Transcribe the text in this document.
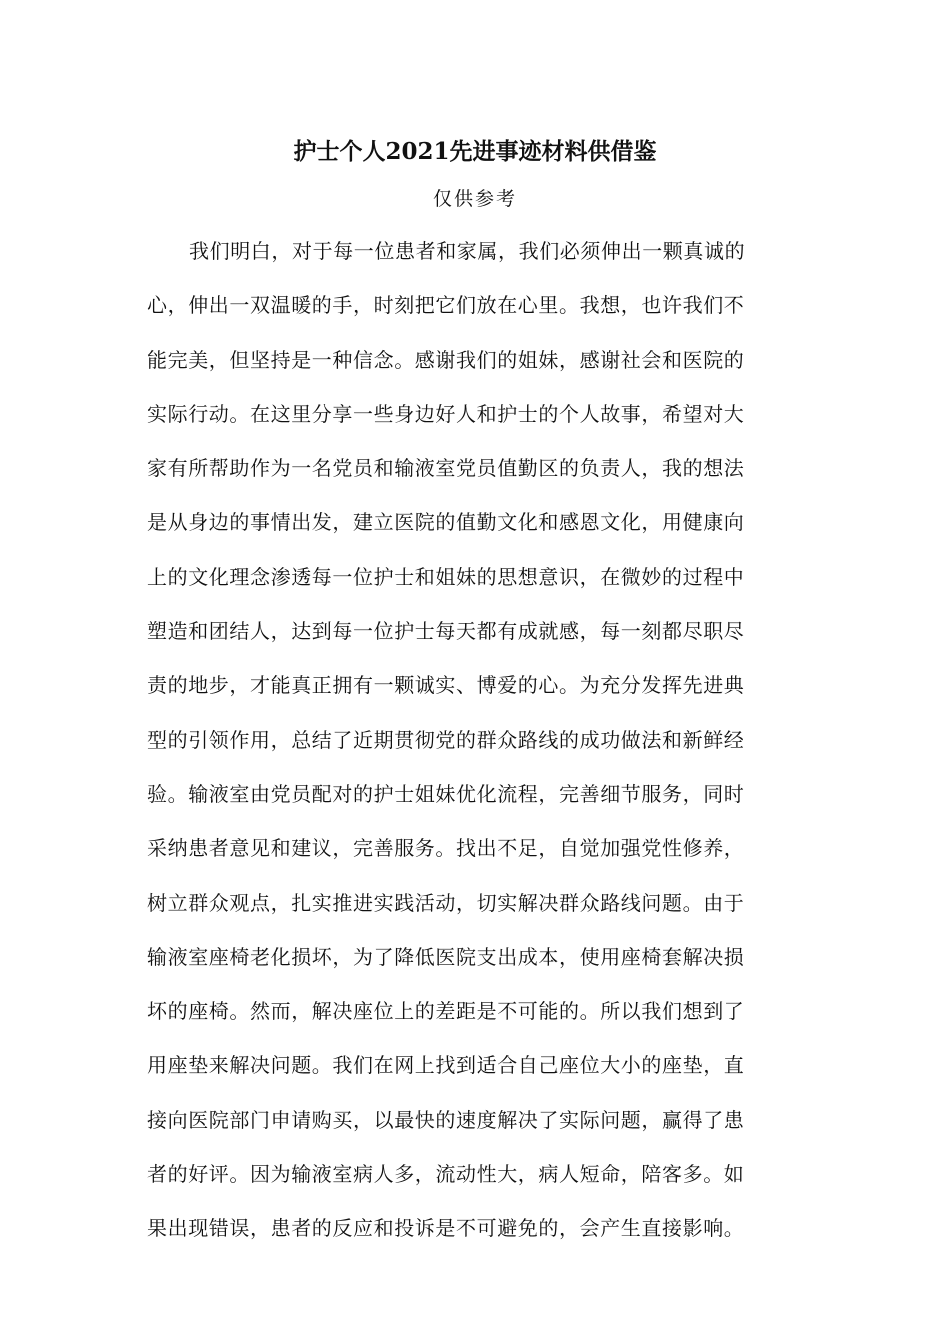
护士个人2021先进事迹材料供借鉴
仅供参考
我们明白，对于每一位患者和家属，我们必须伸出一颗真诚的
心，伸出一双温暖的手，时刻把它们放在心里。我想，也许我们不
能完美，但坚持是一种信念。感谢我们的姐妹，感谢社会和医院的
实际行动。在这里分享一些身边好人和护士的个人故事，希望对大
家有所帮助作为一名党员和输液室党员值勤区的负责人，我的想法
是从身边的事情出发，建立医院的值勤文化和感恩文化，用健康向
上的文化理念渗透每一位护士和姐妹的思想意识，在微妙的过程中
塑造和团结人，达到每一位护士每天都有成就感，每一刻都尽职尽
责的地步，才能真正拥有一颗诚实、博爱的心。为充分发挥先进典
型的引领作用，总结了近期贯彻党的群众路线的成功做法和新鲜经
验。输液室由党员配对的护士姐妹优化流程，完善细节服务，同时
采纳患者意见和建议，完善服务。找出不足，自觉加强党性修养，
树立群众观点，扎实推进实践活动，切实解决群众路线问题。由于
输液室座椅老化损坏，为了降低医院支出成本，使用座椅套解决损
坏的座椅。然而，解决座位上的差距是不可能的。所以我们想到了
用座垫来解决问题。我们在网上找到适合自己座位大小的座垫，直
接向医院部门申请购买，以最快的速度解决了实际问题，赢得了患
者的好评。因为输液室病人多，流动性大，病人短命，陪客多。如
果出现错误，患者的反应和投诉是不可避免的，会产生直接影响。
